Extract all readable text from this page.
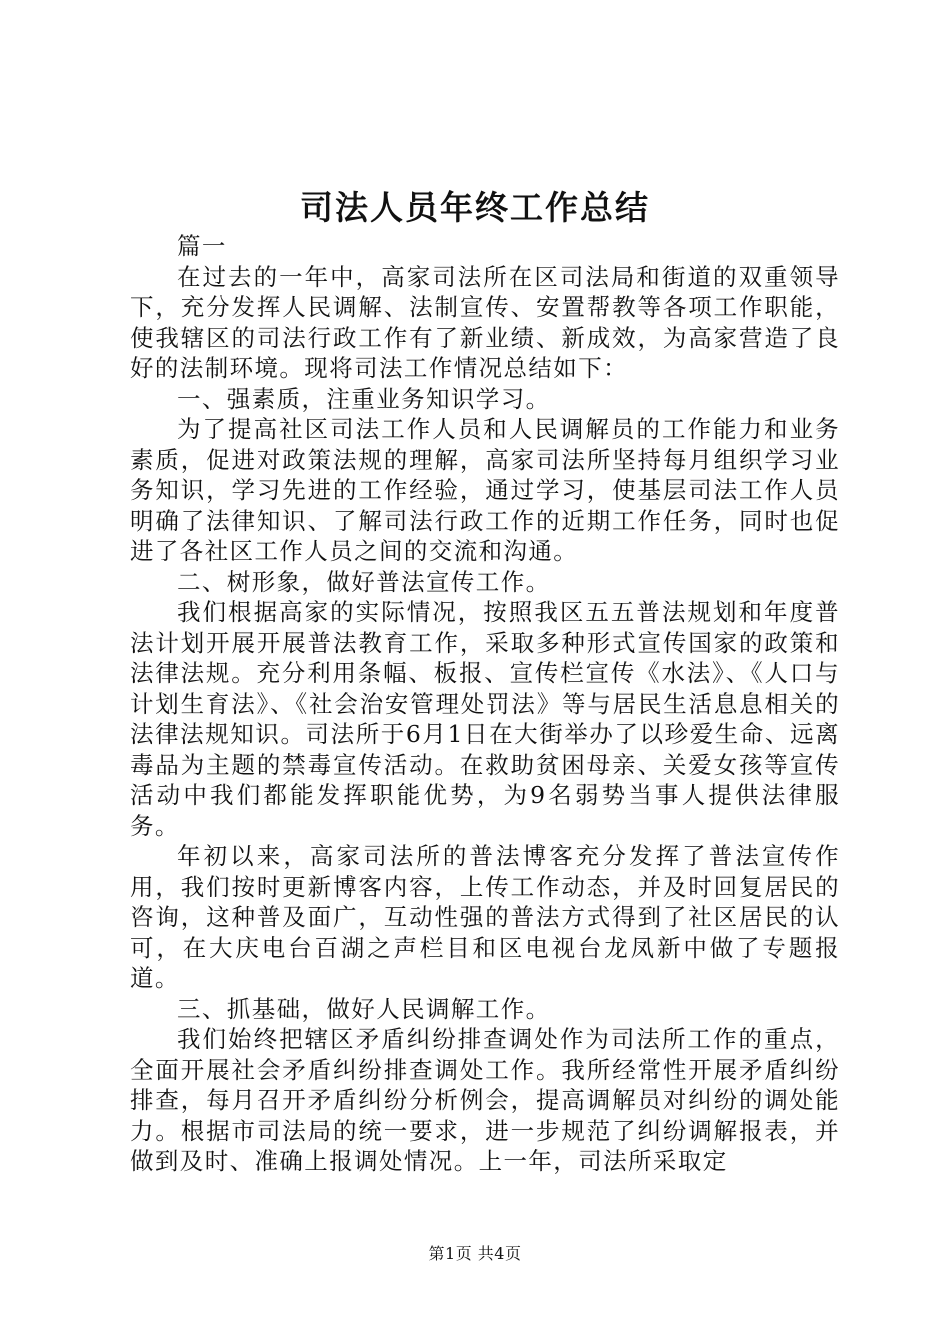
司法人员年终工作总结

篇一

在过去的一年中，高家司法所在区司法局和街道的双重领导下，充分发挥人民调解、法制宣传、安置帮教等各项工作职能，使我辖区的司法行政工作有了新业绩、新成效，为高家营造了良好的法制环境。现将司法工作情况总结如下：

一、强素质，注重业务知识学习。

为了提高社区司法工作人员和人民调解员的工作能力和业务素质，促进对政策法规的理解，高家司法所坚持每月组织学习业务知识，学习先进的工作经验，通过学习，使基层司法工作人员明确了法律知识、了解司法行政工作的近期工作任务，同时也促进了各社区工作人员之间的交流和沟通。

二、树形象，做好普法宣传工作。

我们根据高家的实际情况，按照我区五五普法规划和年度普法计划开展开展普法教育工作，采取多种形式宣传国家的政策和法律法规。充分利用条幅、板报、宣传栏宣传《水法》、《人口与计划生育法》、《社会治安管理处罚法》等与居民生活息息相关的法律法规知识。司法所于6月1日在大街举办了以珍爱生命、远离毒品为主题的禁毒宣传活动。在救助贫困母亲、关爱女孩等宣传活动中我们都能发挥职能优势，为9名弱势当事人提供法律服务。

年初以来，高家司法所的普法博客充分发挥了普法宣传作用，我们按时更新博客内容，上传工作动态，并及时回复居民的咨询，这种普及面广，互动性强的普法方式得到了社区居民的认可，在大庆电台百湖之声栏目和区电视台龙凤新中做了专题报道。

三、抓基础，做好人民调解工作。

我们始终把辖区矛盾纠纷排查调处作为司法所工作的重点，全面开展社会矛盾纠纷排查调处工作。我所经常性开展矛盾纠纷排查，每月召开矛盾纠纷分析例会，提高调解员对纠纷的调处能力。根据市司法局的统一要求，进一步规范了纠纷调解报表，并做到及时、准确上报调处情况。上一年，司法所采取定

第1页 共4页
